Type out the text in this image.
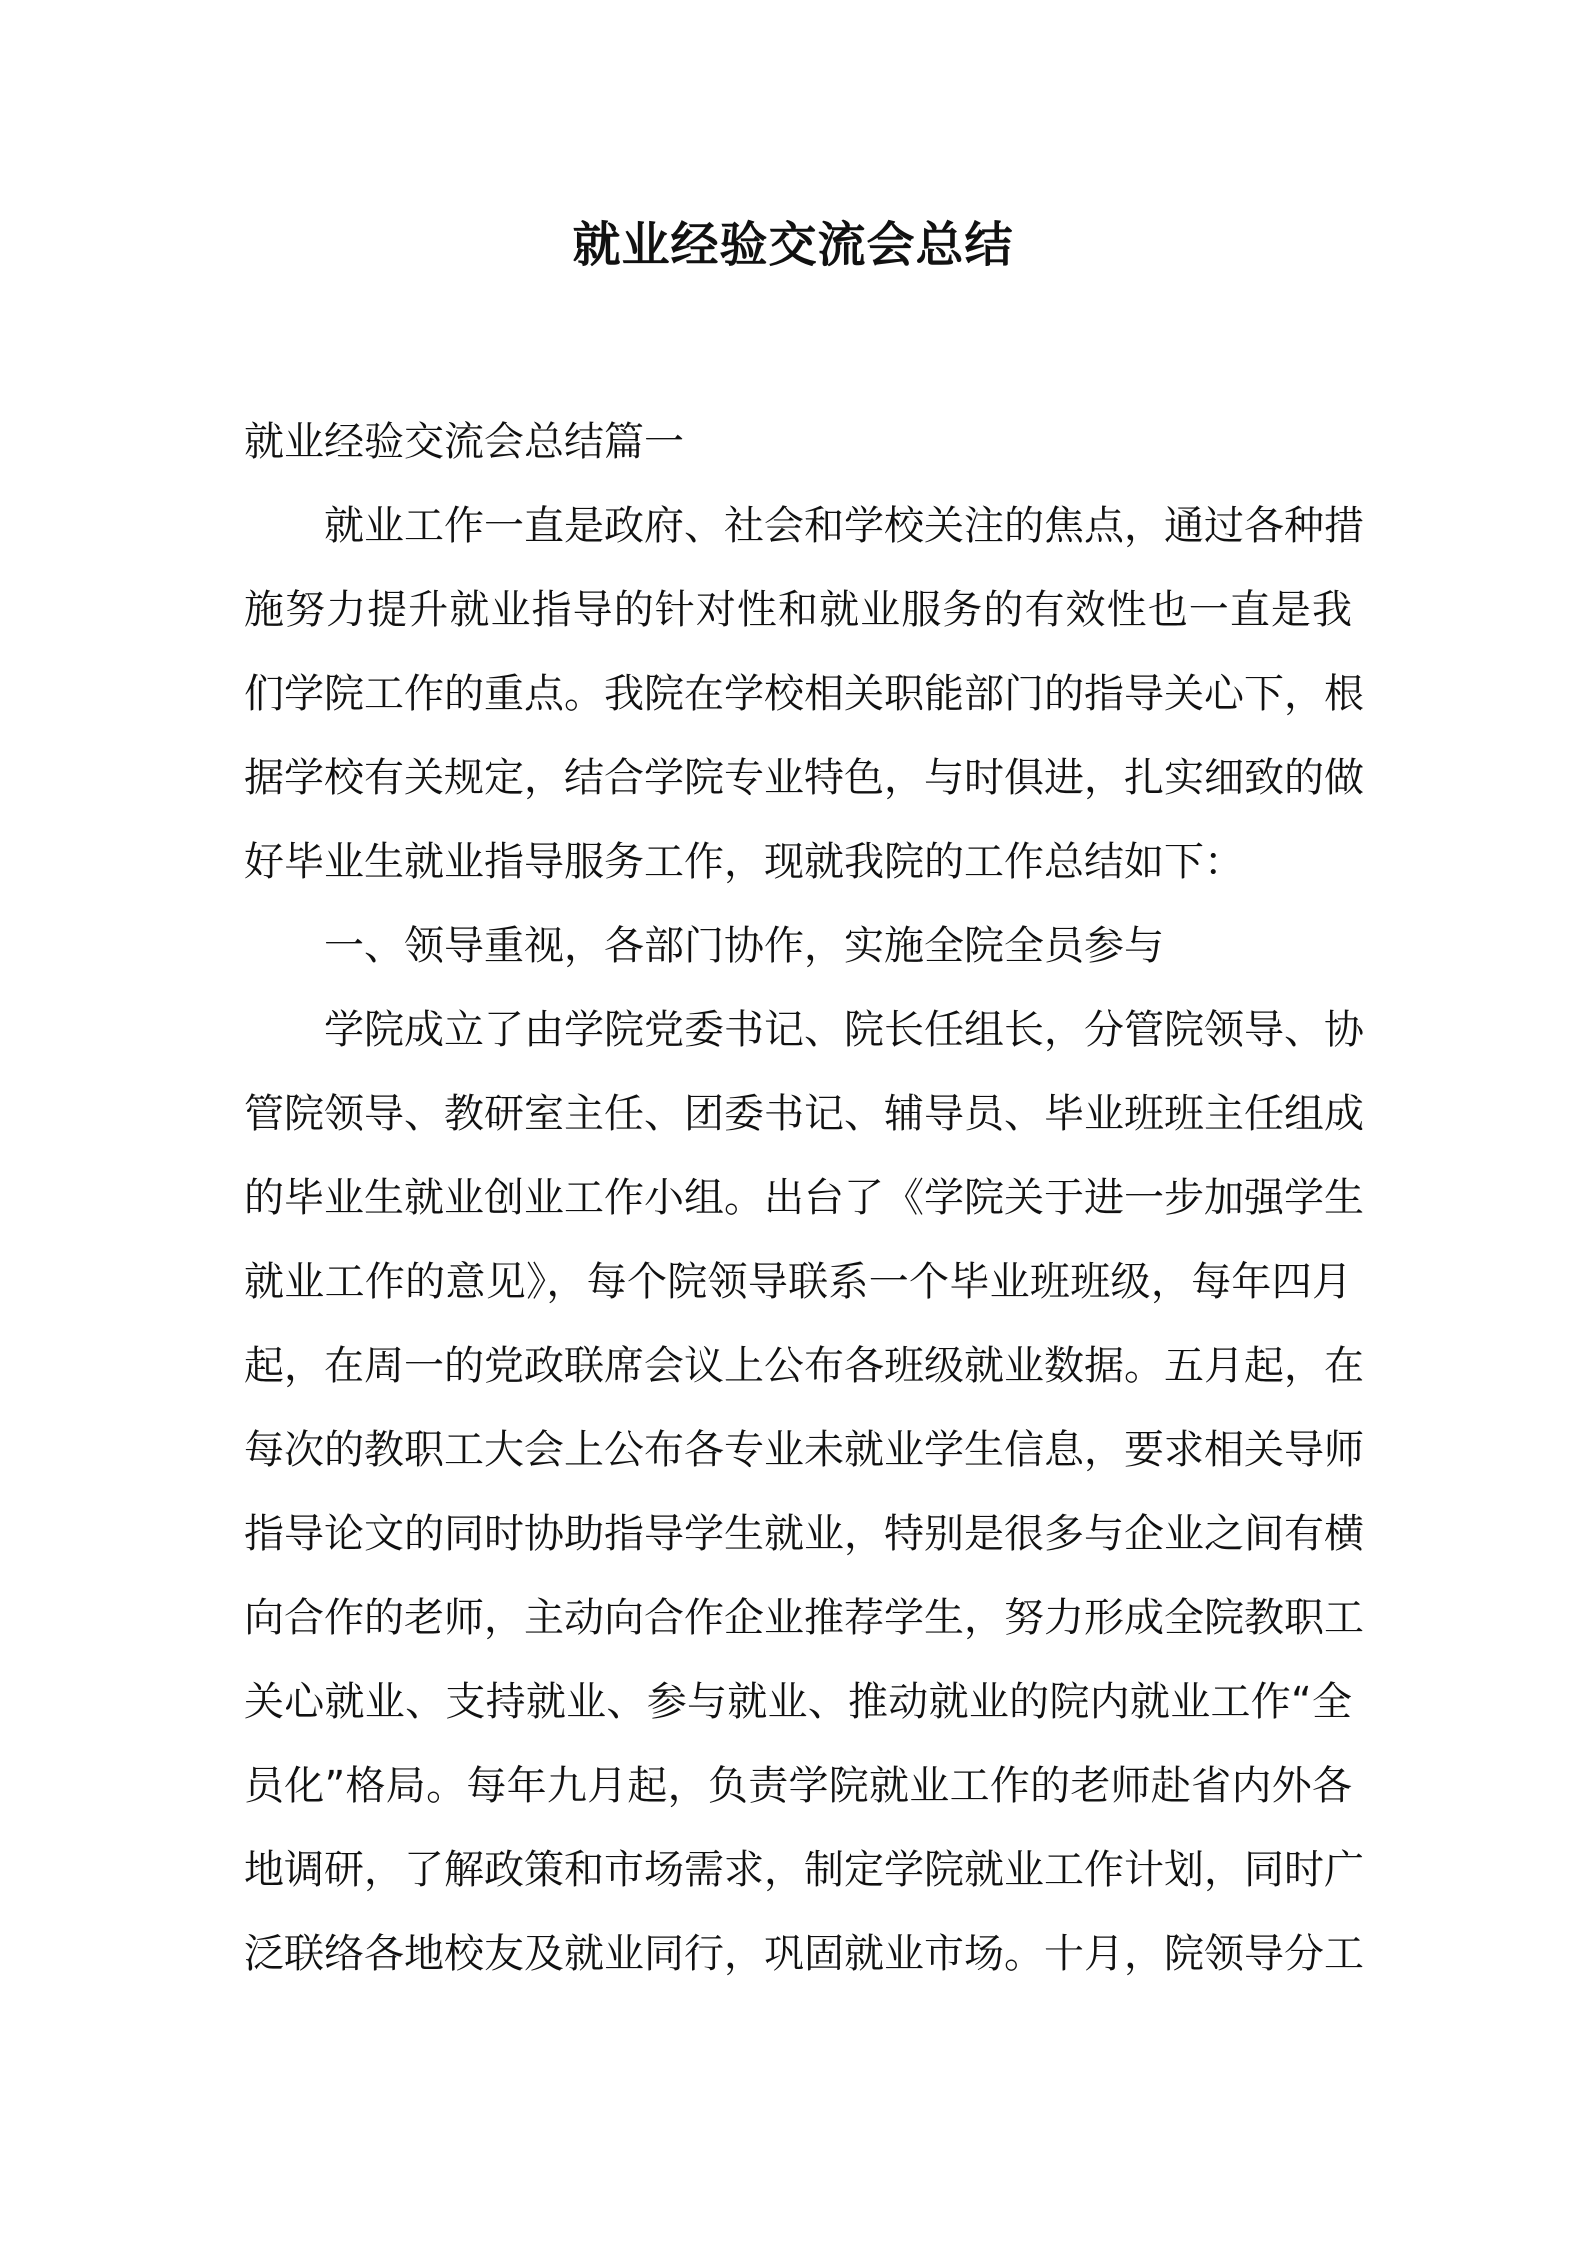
就业经验交流会总结
就业经验交流会总结篇一
就业工作一直是政府、社会和学校关注的焦点，通过各种措
施努力提升就业指导的针对性和就业服务的有效性也一直是我
们学院工作的重点。我院在学校相关职能部门的指导关心下，根
据学校有关规定，结合学院专业特色，与时俱进，扎实细致的做
好毕业生就业指导服务工作，现就我院的工作总结如下：
一、领导重视，各部门协作，实施全院全员参与
学院成立了由学院党委书记、院长任组长，分管院领导、协
管院领导、教研室主任、团委书记、辅导员、毕业班班主任组成
的毕业生就业创业工作小组。出台了《学院关于进一步加强学生
就业工作的意见》，每个院领导联系一个毕业班班级，每年四月
起，在周一的党政联席会议上公布各班级就业数据。五月起，在
每次的教职工大会上公布各专业未就业学生信息，要求相关导师
指导论文的同时协助指导学生就业，特别是很多与企业之间有横
向合作的老师，主动向合作企业推荐学生，努力形成全院教职工
关心就业、支持就业、参与就业、推动就业的院内就业工作“全
员化”格局。每年九月起，负责学院就业工作的老师赴省内外各
地调研，了解政策和市场需求，制定学院就业工作计划，同时广
泛联络各地校友及就业同行，巩固就业市场。十月，院领导分工
